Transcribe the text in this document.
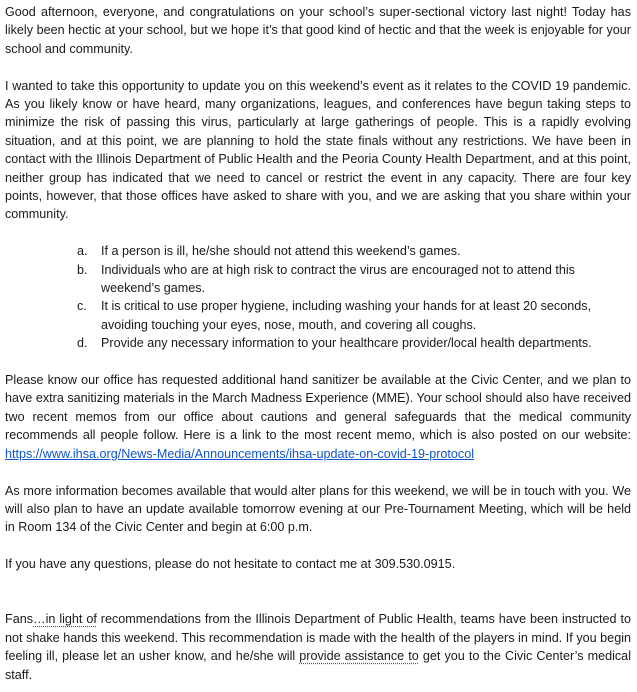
Good afternoon, everyone, and congratulations on your school’s super-sectional victory last night! Today has likely been hectic at your school, but we hope it’s that good kind of hectic and that the week is enjoyable for your school and community.

I wanted to take this opportunity to update you on this weekend’s event as it relates to the COVID 19 pandemic. As you likely know or have heard, many organizations, leagues, and conferences have begun taking steps to minimize the risk of passing this virus, particularly at large gatherings of people. This is a rapidly evolving situation, and at this point, we are planning to hold the state finals without any restrictions. We have been in contact with the Illinois Department of Public Health and the Peoria County Health Department, and at this point, neither group has indicated that we need to cancel or restrict the event in any capacity. There are four key points, however, that those offices have asked to share with you, and we are asking that you share within your community.

a. If a person is ill, he/she should not attend this weekend’s games.
b. Individuals who are at high risk to contract the virus are encouraged not to attend this weekend’s games.
c. It is critical to use proper hygiene, including washing your hands for at least 20 seconds, avoiding touching your eyes, nose, mouth, and covering all coughs.
d. Provide any necessary information to your healthcare provider/local health departments.

Please know our office has requested additional hand sanitizer be available at the Civic Center, and we plan to have extra sanitizing materials in the March Madness Experience (MME). Your school should also have received two recent memos from our office about cautions and general safeguards that the medical community recommends all people follow. Here is a link to the most recent memo, which is also posted on our website: https://www.ihsa.org/News-Media/Announcements/ihsa-update-on-covid-19-protocol

As more information becomes available that would alter plans for this weekend, we will be in touch with you. We will also plan to have an update available tomorrow evening at our Pre-Tournament Meeting, which will be held in Room 134 of the Civic Center and begin at 6:00 p.m.

If you have any questions, please do not hesitate to contact me at 309.530.0915.

Fans…in light of recommendations from the Illinois Department of Public Health, teams have been instructed to not shake hands this weekend. This recommendation is made with the health of the players in mind. If you begin feeling ill, please let an usher know, and he/she will provide assistance to get you to the Civic Center’s medical staff.
